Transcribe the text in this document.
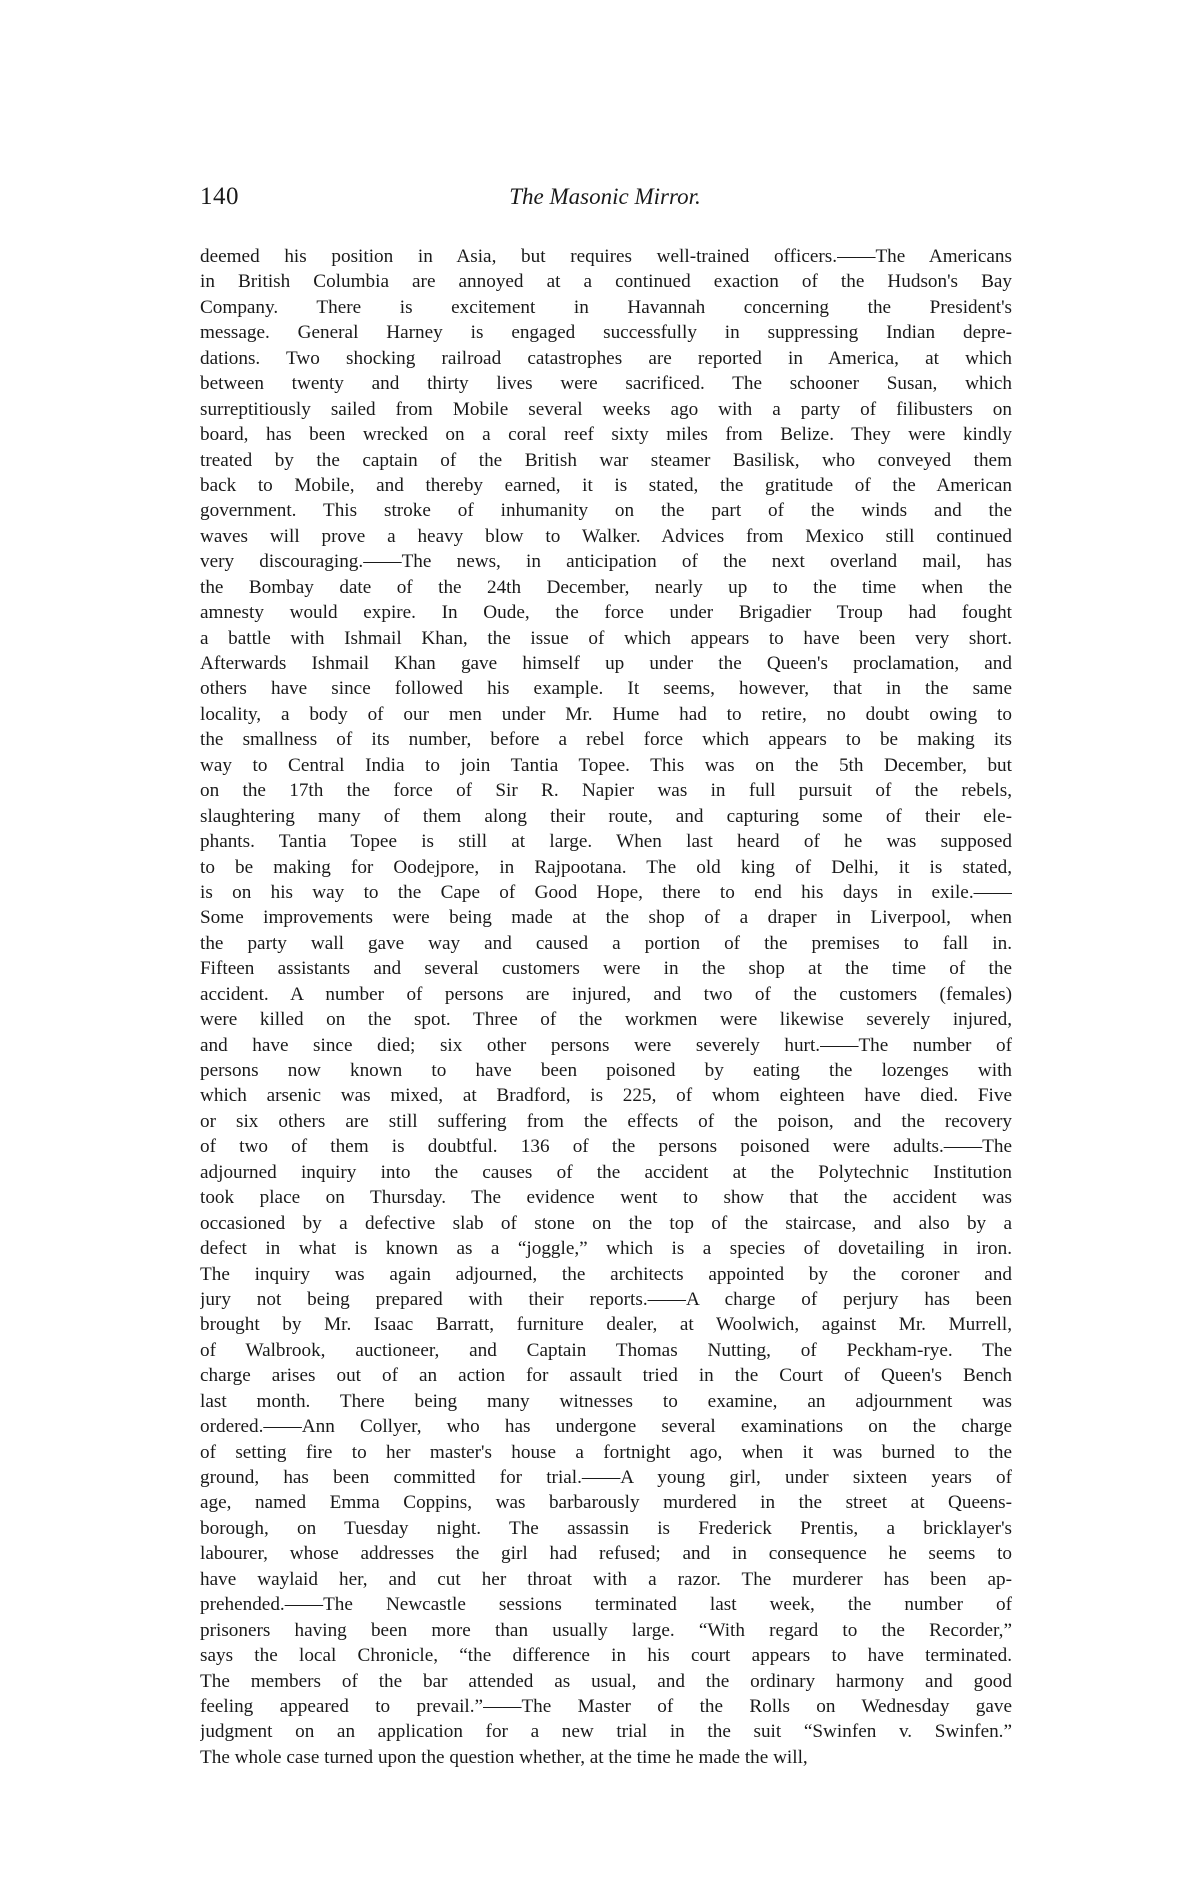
140	The Masonic Mirror.
deemed his position in Asia, but requires well-trained officers.——The Americans
in British Columbia are annoyed at a continued exaction of the Hudson's Bay
Company. There is excitement in Havannah concerning the President's
message. General Harney is engaged successfully in suppressing Indian depre-
dations. Two shocking railroad catastrophes are reported in America, at which
between twenty and thirty lives were sacrificed. The schooner Susan, which
surreptitiously sailed from Mobile several weeks ago with a party of filibusters on
board, has been wrecked on a coral reef sixty miles from Belize. They were kindly
treated by the captain of the British war steamer Basilisk, who conveyed them
back to Mobile, and thereby earned, it is stated, the gratitude of the American
government. This stroke of inhumanity on the part of the winds and the
waves will prove a heavy blow to Walker. Advices from Mexico still continued
very discouraging.——The news, in anticipation of the next overland mail, has
the Bombay date of the 24th December, nearly up to the time when the
amnesty would expire. In Oude, the force under Brigadier Troup had fought
a battle with Ishmail Khan, the issue of which appears to have been very short.
Afterwards Ishmail Khan gave himself up under the Queen's proclamation, and
others have since followed his example. It seems, however, that in the same
locality, a body of our men under Mr. Hume had to retire, no doubt owing to
the smallness of its number, before a rebel force which appears to be making its
way to Central India to join Tantia Topee. This was on the 5th December, but
on the 17th the force of Sir R. Napier was in full pursuit of the rebels,
slaughtering many of them along their route, and capturing some of their ele-
phants. Tantia Topee is still at large. When last heard of he was supposed
to be making for Oodejpore, in Rajpootana. The old king of Delhi, it is stated,
is on his way to the Cape of Good Hope, there to end his days in exile.——
Some improvements were being made at the shop of a draper in Liverpool, when
the party wall gave way and caused a portion of the premises to fall in.
Fifteen assistants and several customers were in the shop at the time of the
accident. A number of persons are injured, and two of the customers (females)
were killed on the spot. Three of the workmen were likewise severely injured,
and have since died; six other persons were severely hurt.——The number of
persons now known to have been poisoned by eating the lozenges with
which arsenic was mixed, at Bradford, is 225, of whom eighteen have died. Five
or six others are still suffering from the effects of the poison, and the recovery
of two of them is doubtful. 136 of the persons poisoned were adults.——The
adjourned inquiry into the causes of the accident at the Polytechnic Institution
took place on Thursday. The evidence went to show that the accident was
occasioned by a defective slab of stone on the top of the staircase, and also by a
defect in what is known as a “joggle,” which is a species of dovetailing in iron.
The inquiry was again adjourned, the architects appointed by the coroner and
jury not being prepared with their reports.——A charge of perjury has been
brought by Mr. Isaac Barratt, furniture dealer, at Woolwich, against Mr. Murrell,
of Walbrook, auctioneer, and Captain Thomas Nutting, of Peckham-rye. The
charge arises out of an action for assault tried in the Court of Queen's Bench
last month. There being many witnesses to examine, an adjournment was
ordered.——Ann Collyer, who has undergone several examinations on the charge
of setting fire to her master's house a fortnight ago, when it was burned to the
ground, has been committed for trial.——A young girl, under sixteen years of
age, named Emma Coppins, was barbarously murdered in the street at Queens-
borough, on Tuesday night. The assassin is Frederick Prentis, a bricklayer's
labourer, whose addresses the girl had refused; and in consequence he seems to
have waylaid her, and cut her throat with a razor. The murderer has been ap-
prehended.——The Newcastle sessions terminated last week, the number of
prisoners having been more than usually large. “With regard to the Recorder,”
says the local Chronicle, “the difference in his court appears to have terminated.
The members of the bar attended as usual, and the ordinary harmony and good
feeling appeared to prevail.”——The Master of the Rolls on Wednesday gave
judgment on an application for a new trial in the suit “Swinfen v. Swinfen.”
The whole case turned upon the question whether, at the time he made the will,
